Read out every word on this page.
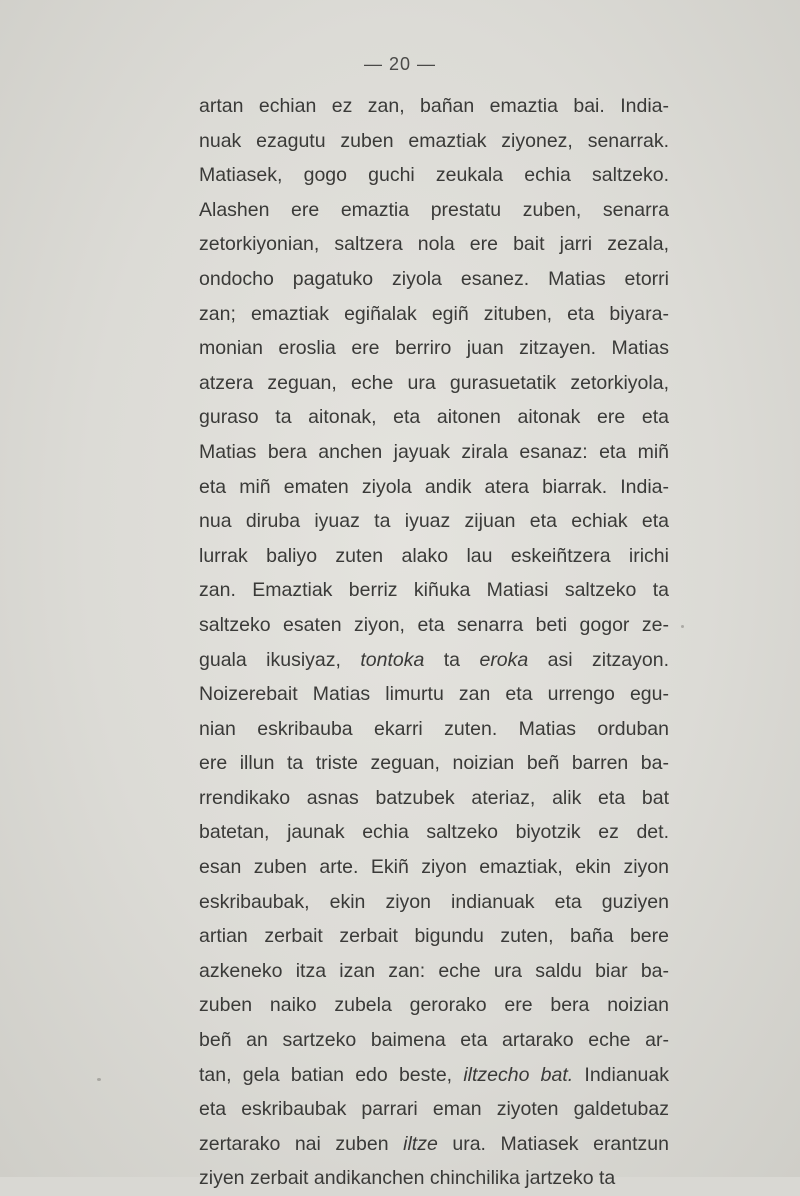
— 20 —
artan echian ez zan, bañan emaztia bai. India-
nuak ezagutu zuben emaztiak ziyonez, senarrak.
Matiasek, gogo guchi zeukala echia saltzeko.
Alashen ere emaztia prestatu zuben, senarra
zetorkiyonian, saltzera nola ere bait jarri zezala,
ondocho pagatuko ziyola esanez. Matias etorri
zan; emaztiak egiñalak egiñ zituben, eta biyara-
monian eroslia ere berriro juan zitzayen. Matias
atzera zeguan, eche ura gurasuetatik zetorkiyola,
guraso ta aitonak, eta aitonen aitonak ere eta
Matias bera anchen jayuak zirala esanaz: eta miñ
eta miñ ematen ziyola andik atera biarrak. India-
nua diruba iyuaz ta iyuaz zijuan eta echiak eta
lurrak baliyo zuten alako lau eskeiñtzera irichi
zan. Emaztiak berriz kiñuka Matiasi saltzeko ta
saltzeko esaten ziyon, eta senarra beti gogor ze-
guala ikusiyaz, tontoka ta eroka asi zitzayon.
Noizerebait Matias limurtu zan eta urrengo egu-
nian eskribauba ekarri zuten. Matias orduban
ere illun ta triste zeguan, noizian beñ barren ba-
rrendikako asnas batzubek ateriaz, alik eta bat
batetan, jaunak echia saltzeko biyotzik ez det.
esan zuben arte. Ekiñ ziyon emaztiak, ekin ziyon
eskribaubak, ekin ziyon indianuak eta guziyen
artian zerbait zerbait bigundu zuten, baña bere
azkeneko itza izan zan: eche ura saldu biar ba-
zuben naiko zubela gerorako ere bera noizian
beñ an sartzeko baimena eta artarako eche ar-
tan, gela batian edo beste, iltzecho bat. Indianuak
eta eskribaubak parrari eman ziyoten galdetubaz
zertarako nai zuben iltze ura. Matiasek erantzun
ziyen zerbait andikanchen chinchilika jartzeko ta
